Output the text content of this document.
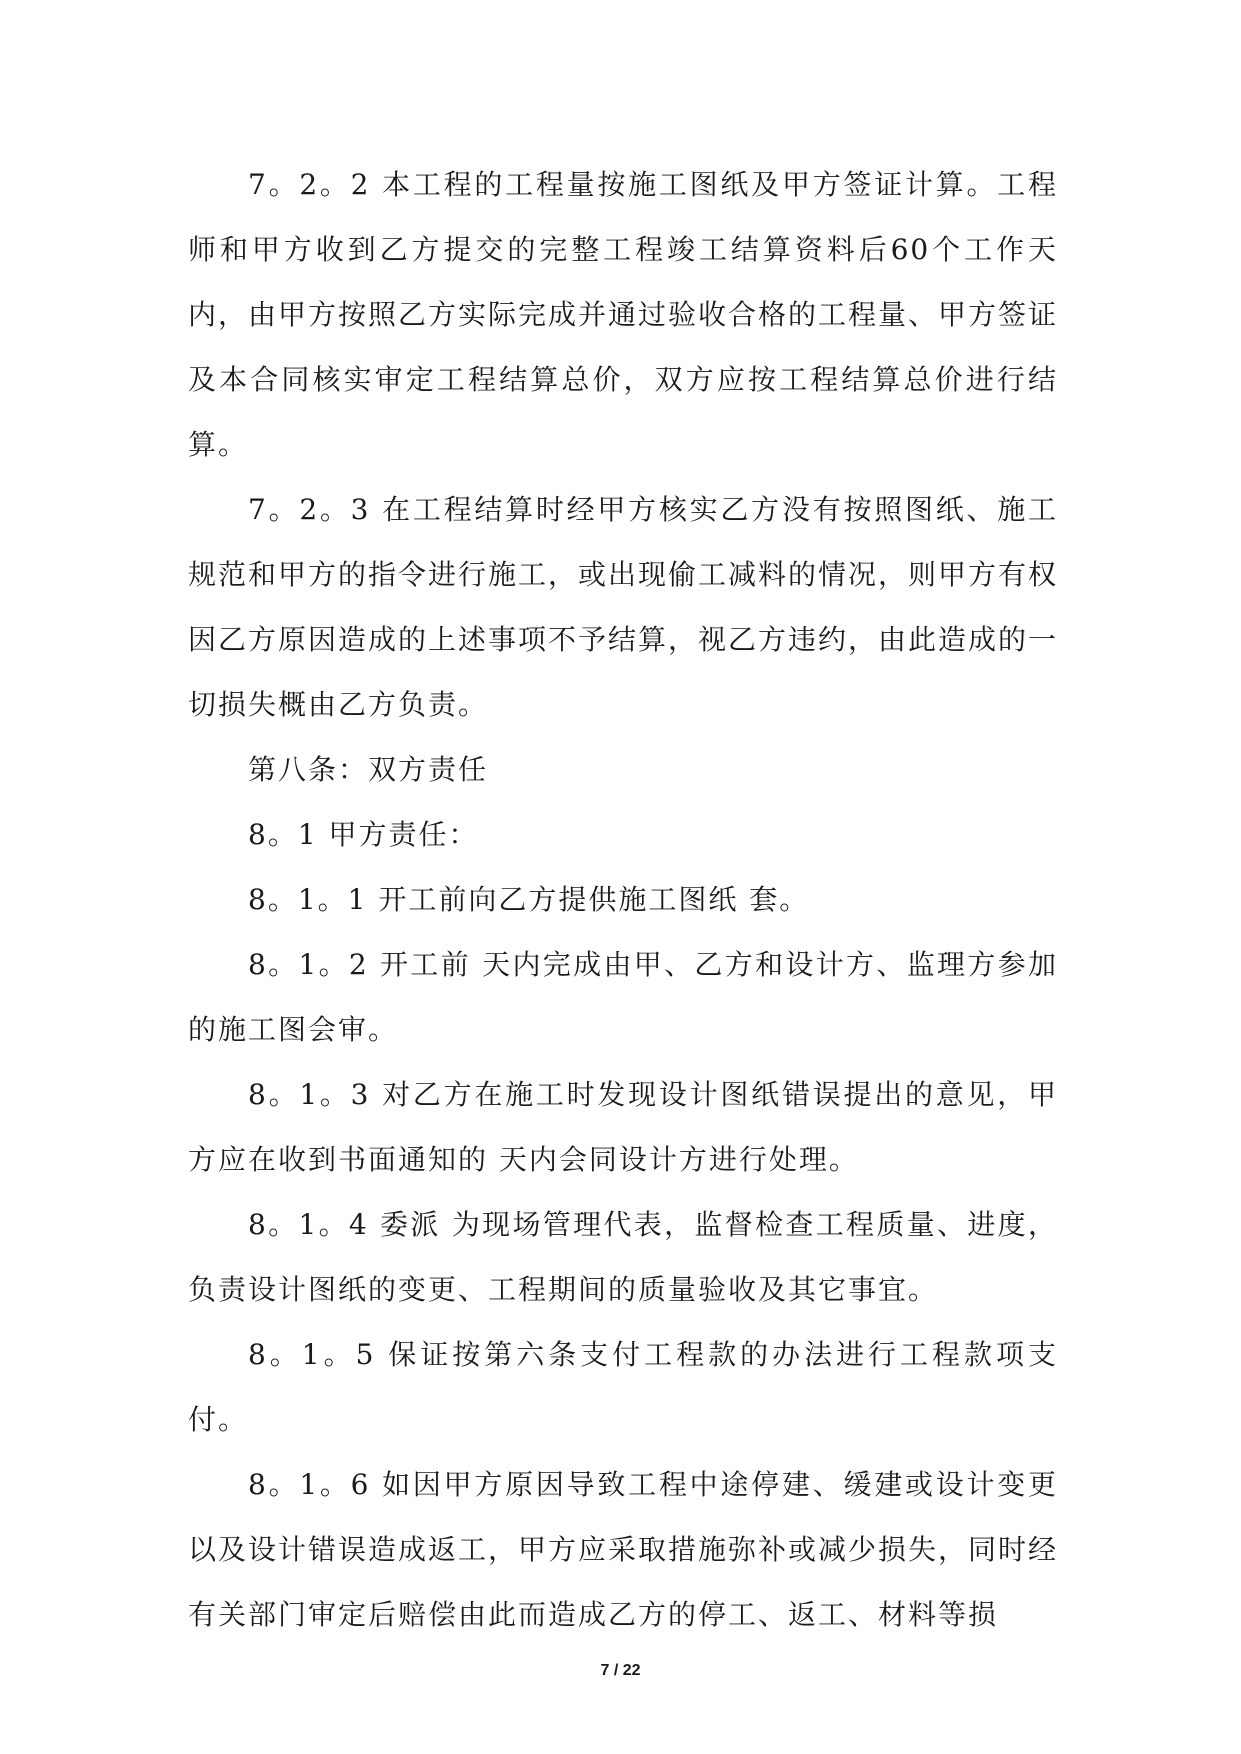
7。2。2 本工程的工程量按施工图纸及甲方签证计算。工程师和甲方收到乙方提交的完整工程竣工结算资料后60个工作天内，由甲方按照乙方实际完成并通过验收合格的工程量、甲方签证及本合同核实审定工程结算总价，双方应按工程结算总价进行结算。

7。2。3 在工程结算时经甲方核实乙方没有按照图纸、施工规范和甲方的指令进行施工，或出现偷工减料的情况，则甲方有权因乙方原因造成的上述事项不予结算，视乙方违约，由此造成的一切损失概由乙方负责。

第八条：双方责任

8。1 甲方责任：

8。1。1 开工前向乙方提供施工图纸 套。

8。1。2 开工前 天内完成由甲、乙方和设计方、监理方参加的施工图会审。

8。1。3 对乙方在施工时发现设计图纸错误提出的意见，甲方应在收到书面通知的 天内会同设计方进行处理。

8。1。4 委派 为现场管理代表，监督检查工程质量、进度，负责设计图纸的变更、工程期间的质量验收及其它事宜。

8。1。5 保证按第六条支付工程款的办法进行工程款项支付。

8。1。6 如因甲方原因导致工程中途停建、缓建或设计变更以及设计错误造成返工，甲方应采取措施弥补或减少损失，同时经有关部门审定后赔偿由此而造成乙方的停工、返工、材料等损

7 / 22
